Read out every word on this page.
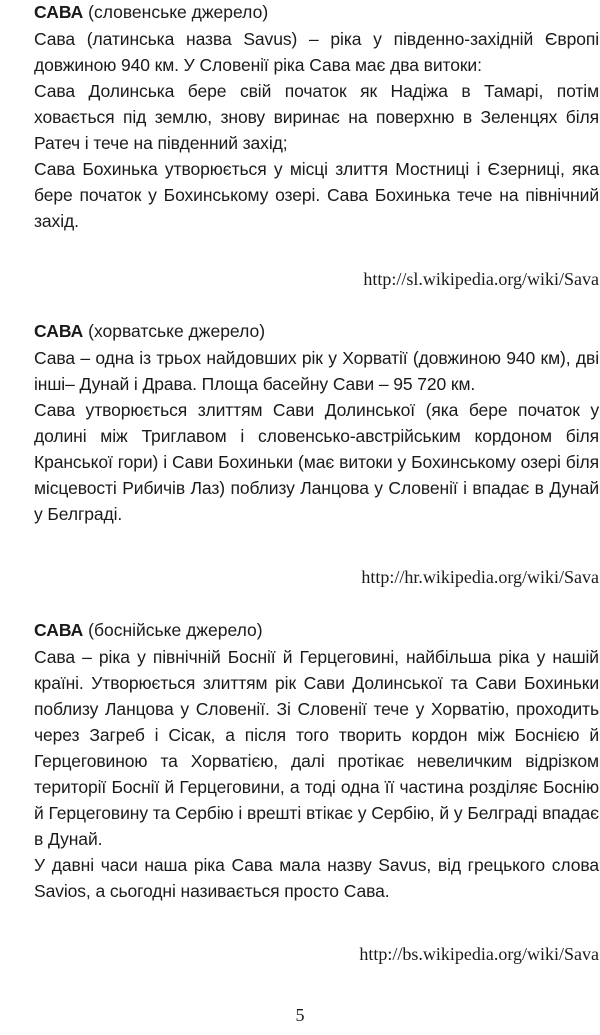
САВА (словенське джерело)

Сава (латинська назва Savus) – ріка у південно-західній Європі довжиною 940 км. У Словенії ріка Сава має два витоки:

Сава Долинська бере свій початок як Надіжа в Тамарі, потім ховається під землю, знову виринає на поверхню в Зеленцях біля Ратеч і тече на південний захід;

Сава Бохинька утворюється у місці злиття Мостниці і Єзерниці, яка бере початок у Бохинському озері. Сава Бохинька тече на північний захід.

http://sl.wikipedia.org/wiki/Sava
САВА (хорватське джерело)

Сава – одна із трьох найдовших рік у Хорватії (довжиною 940 км), дві інші– Дунай і Драва. Площа басейну Сави – 95 720 км.

Сава утворюється злиттям Сави Долинської (яка бере початок у долині між Триглавом і словенсько-австрійським кордоном біля Кранської гори) і Сави Бохиньки (має витоки у Бохинському озері біля місцевості Рибичів Лаз) поблизу Ланцова у Словенії і впадає в Дунай у Белграді.

http://hr.wikipedia.org/wiki/Sava
САВА (боснійське джерело)

Сава – ріка у північній Боснії й Герцеговині, найбільша ріка у нашій країні. Утворюється злиттям рік Сави Долинської та Сави Бохиньки поблизу Ланцова у Словенії. Зі Словенії тече у Хорватію, проходить через Загреб і Сісак, а після того творить кордон між Боснією й Герцеговиною та Хорватією, далі протікає невеличким відрізком території Боснії й Герцеговини, а тоді одна її частина розділяє Боснію й Герцеговину та Сербію і врешті втікає у Сербію, й у Белграді впадає в Дунай.

У давні часи наша ріка Сава мала назву Savus, від грецького слова Savios, а сьогодні називається просто Сава.

http://bs.wikipedia.org/wiki/Sava
5
